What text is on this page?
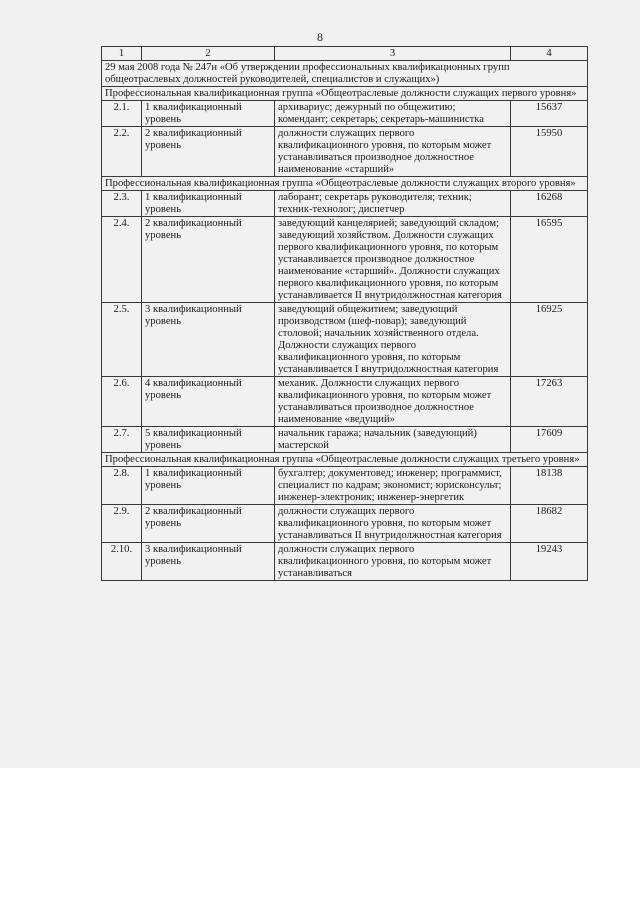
8
1	2	3	4
29 мая 2008 года № 247н «Об утверждении профессиональных квалификационных групп общеотраслевых должностей руководителей, специалистов и служащих»)			
Профессиональная квалификационная группа «Общеотраслевые должности служащих первого уровня»			
2.1.	1 квалификационный уровень	архивариус; дежурный по общежитию; комендант; секретарь; секретарь-машинистка	15637
2.2.	2 квалификационный уровень	должности служащих первого квалификационного уровня, по которым может устанавливаться производное должностное наименование «старший»	15950
Профессиональная квалификационная группа «Общеотраслевые должности служащих второго уровня»			
2.3.	1 квалификационный уровень	лаборант; секретарь руководителя; техник; техник-технолог; диспетчер	16268
2.4.	2 квалификационный уровень	заведующий канцелярией; заведующий складом; заведующий хозяйством. Должности служащих первого квалификационного уровня, по которым устанавливается производное должностное наименование «старший». Должности служащих первого квалификационного уровня, по которым устанавливается II внутридолжностная категория	16595
2.5.	3 квалификационный уровень	заведующий общежитием; заведующий производством (шеф-повар); заведующий столовой; начальник хозяйственного отдела. Должности служащих первого квалификационного уровня, по которым устанавливается I внутридолжностная категория	16925
2.6.	4 квалификационный уровень	механик. Должности служащих первого квалификационного уровня, по которым может устанавливаться производное должностное наименование «ведущий»	17263
2.7.	5 квалификационный уровень	начальник гаража; начальник (заведующий) мастерской	17609
Профессиональная квалификационная группа «Общеотраслевые должности служащих третьего уровня»			
2.8.	1 квалификационный уровень	бухгалтер; документовед; инженер; программист, специалист по кадрам; экономист; юрисконсульт; инженер-электроник; инженер-энергетик	18138
2.9.	2 квалификационный уровень	должности служащих первого квалификационного уровня, по которым может устанавливаться II внутридолжностная категория	18682
2.10.	3 квалификационный уровень	должности служащих первого квалификационного уровня, по которым может устанавливаться	19243
